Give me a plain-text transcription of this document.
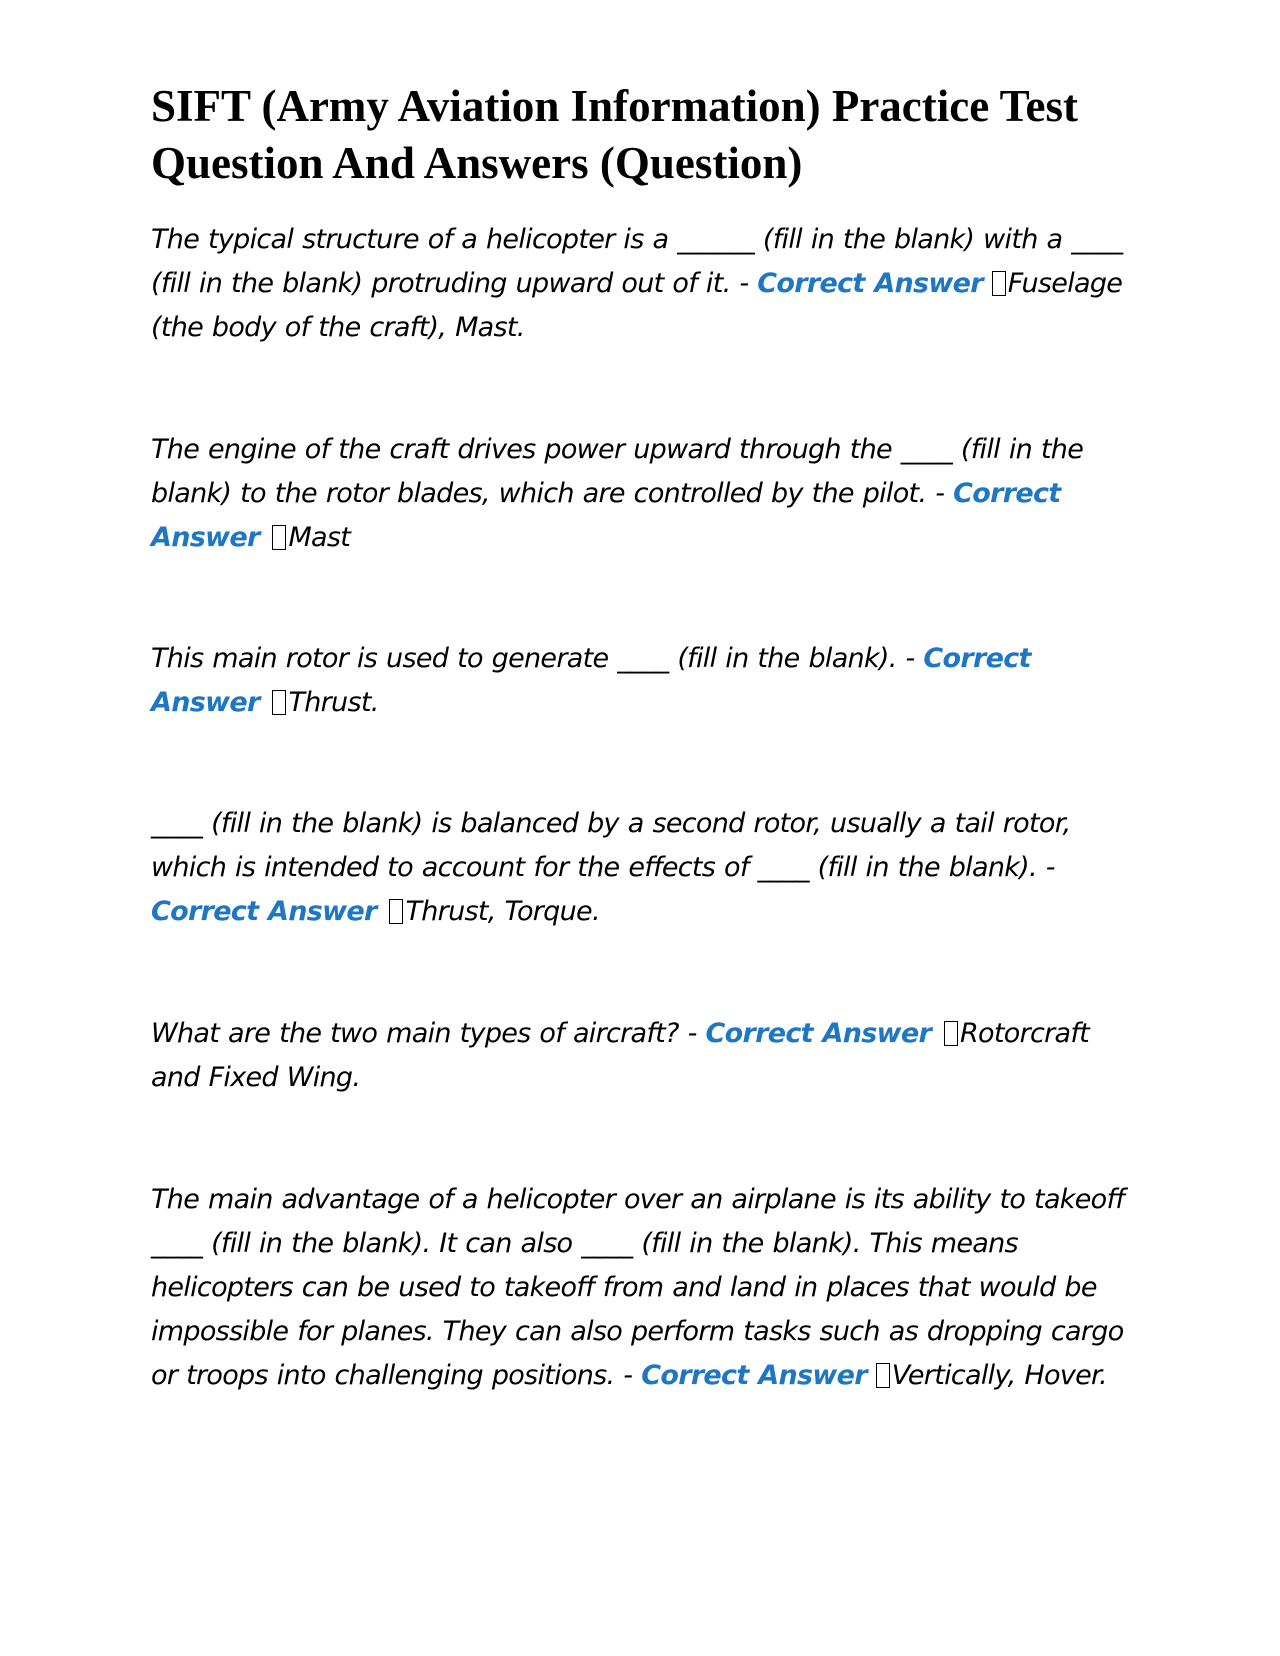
SIFT (Army Aviation Information) Practice Test Question And Answers (Question)

The typical structure of a helicopter is a ______ (fill in the blank) with a ____ (fill in the blank) protruding upward out of it. - Correct Answer Fuselage (the body of the craft), Mast.

The engine of the craft drives power upward through the ____ (fill in the blank) to the rotor blades, which are controlled by the pilot. - Correct Answer Mast

This main rotor is used to generate ____ (fill in the blank). - Correct Answer Thrust.

____ (fill in the blank) is balanced by a second rotor, usually a tail rotor, which is intended to account for the effects of ____ (fill in the blank). - Correct Answer Thrust, Torque.

What are the two main types of aircraft? - Correct Answer Rotorcraft and Fixed Wing.

The main advantage of a helicopter over an airplane is its ability to takeoff ____ (fill in the blank). It can also ____ (fill in the blank). This means helicopters can be used to takeoff from and land in places that would be impossible for planes. They can also perform tasks such as dropping cargo or troops into challenging positions. - Correct Answer Vertically, Hover.
